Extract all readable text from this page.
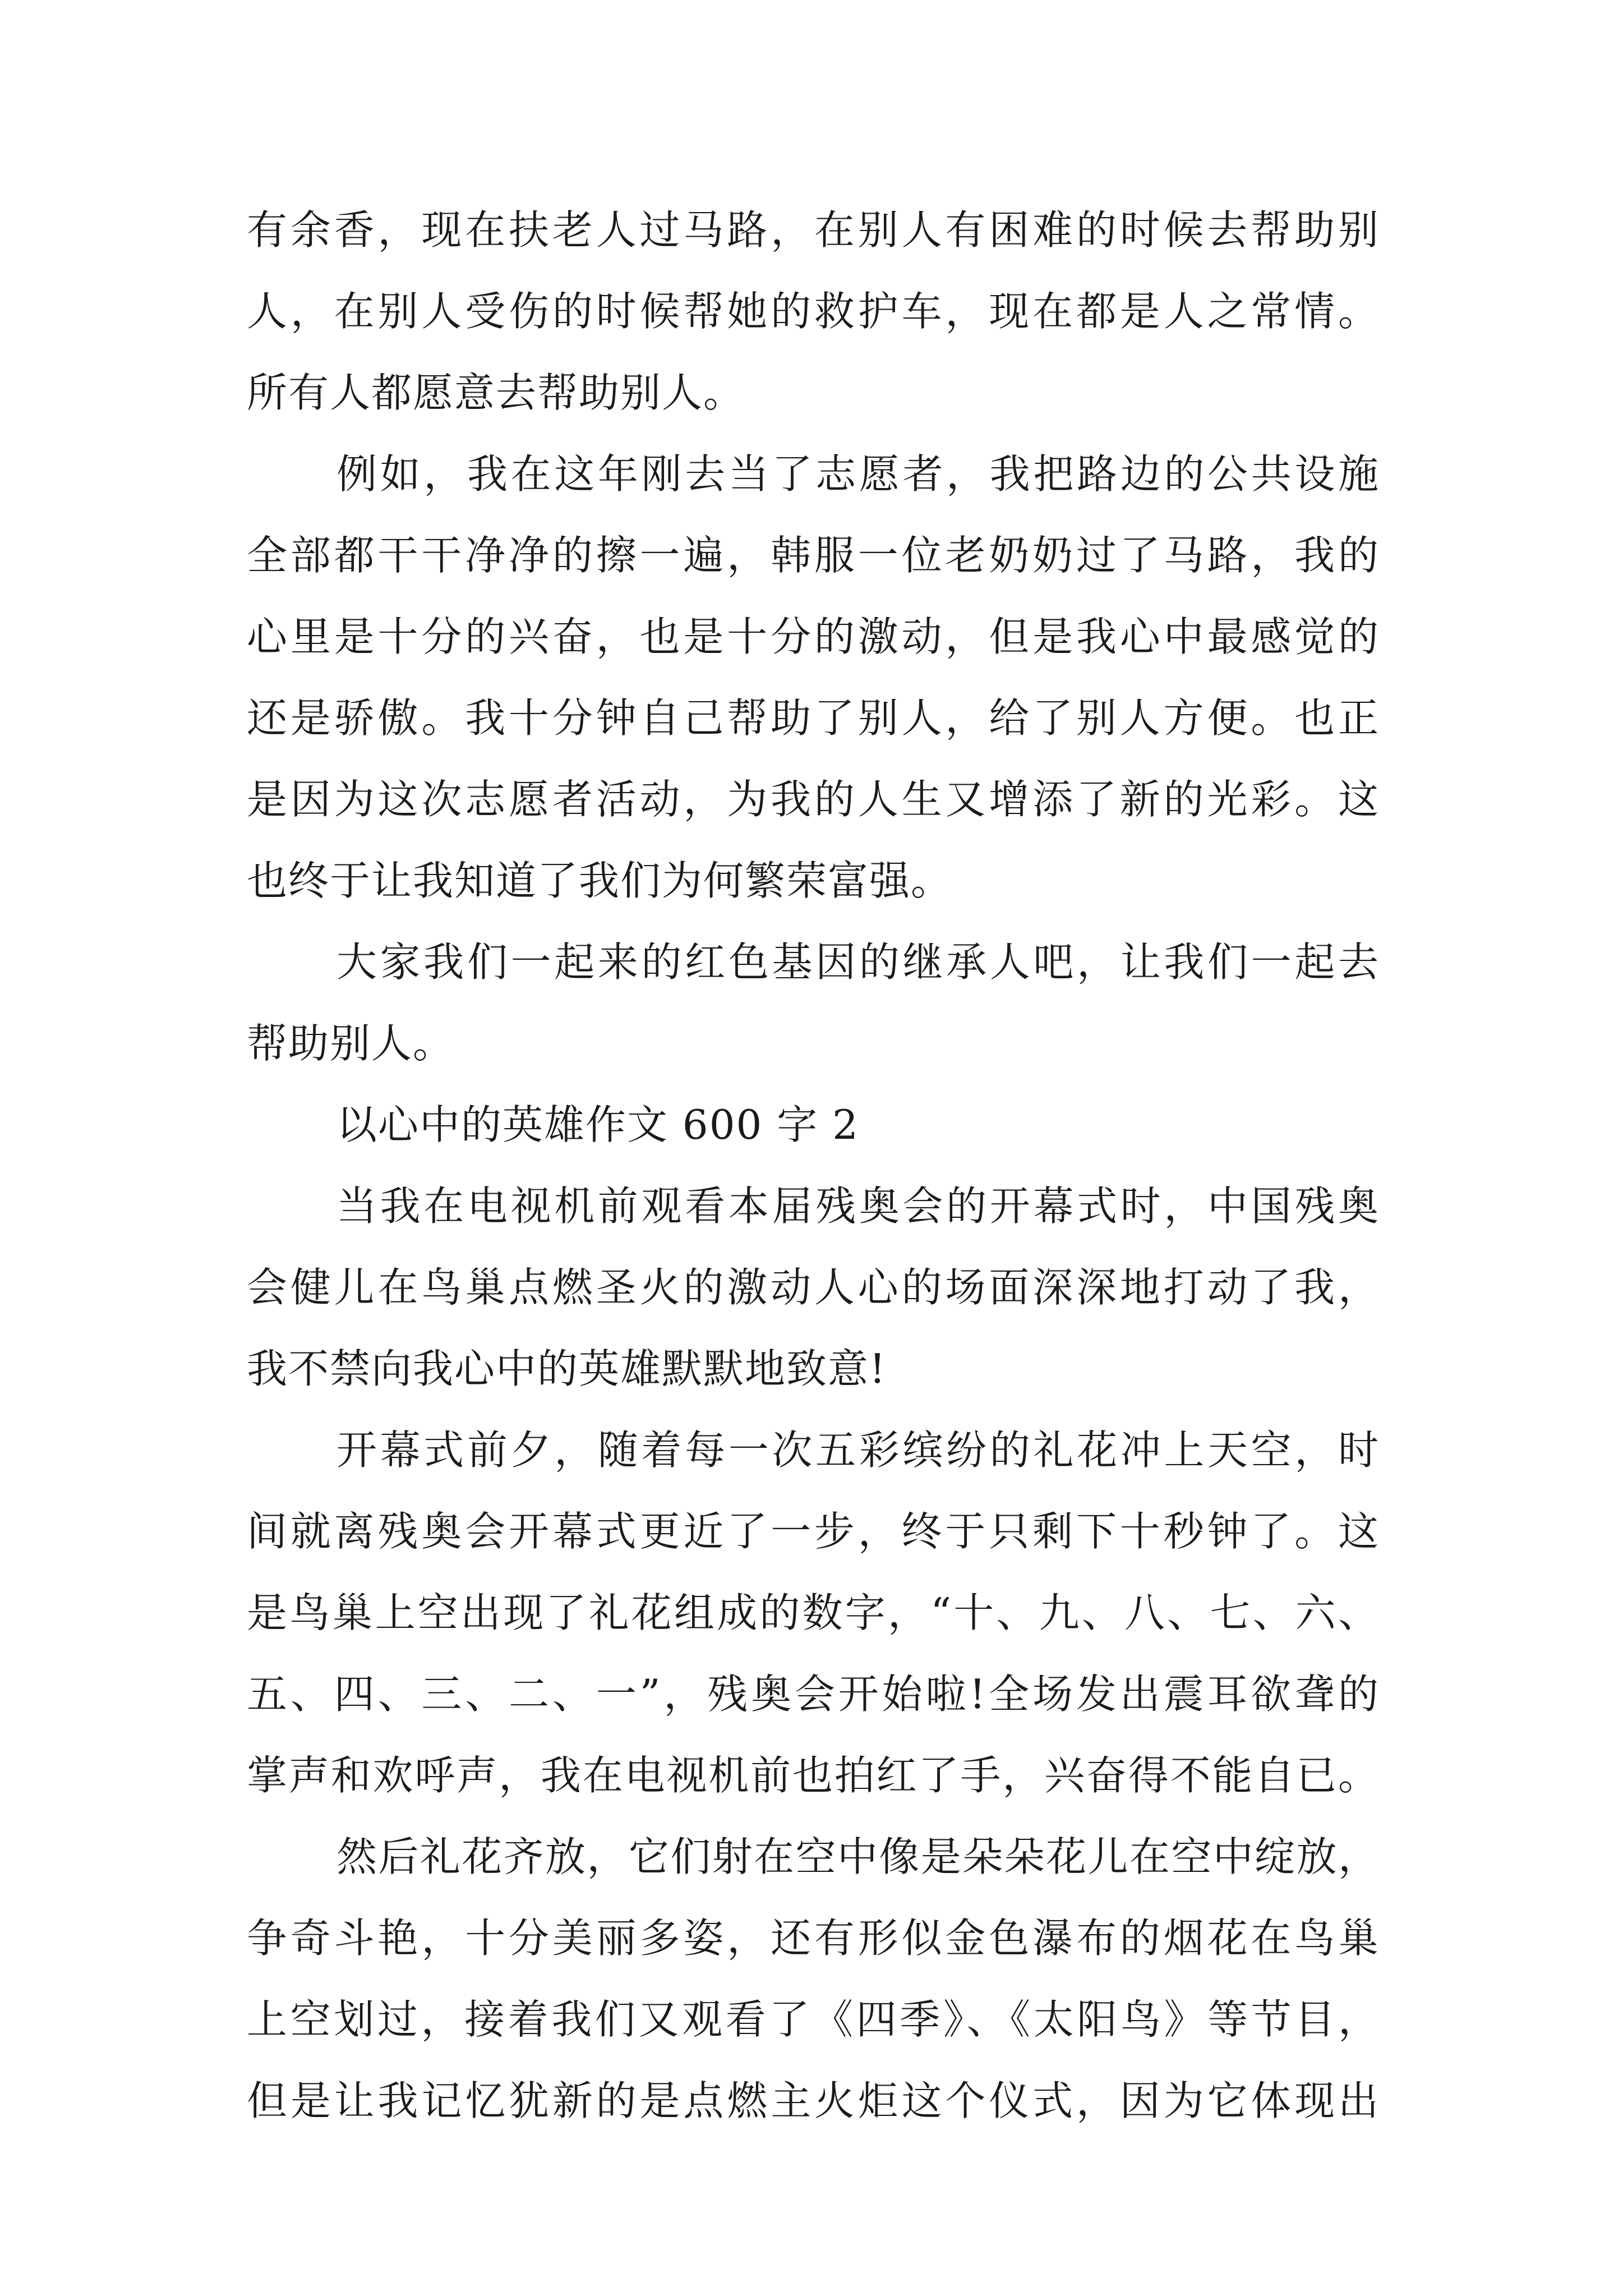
有余香，现在扶老人过马路，在别人有困难的时候去帮助别
人，在别人受伤的时候帮她的救护车，现在都是人之常情。
所有人都愿意去帮助别人。
例如，我在这年刚去当了志愿者，我把路边的公共设施
全部都干干净净的擦一遍，韩服一位老奶奶过了马路，我的
心里是十分的兴奋，也是十分的激动，但是我心中最感觉的
还是骄傲。我十分钟自己帮助了别人，给了别人方便。也正
是因为这次志愿者活动，为我的人生又增添了新的光彩。这
也终于让我知道了我们为何繁荣富强。
大家我们一起来的红色基因的继承人吧，让我们一起去
帮助别人。
以心中的英雄作文 600 字 2
当我在电视机前观看本届残奥会的开幕式时，中国残奥
会健儿在鸟巢点燃圣火的激动人心的场面深深地打动了我，
我不禁向我心中的英雄默默地致意!
开幕式前夕，随着每一次五彩缤纷的礼花冲上天空，时
间就离残奥会开幕式更近了一步，终于只剩下十秒钟了。这
是鸟巢上空出现了礼花组成的数字，“十、九、八、七、六、
五、四、三、二、一”，残奥会开始啦!全场发出震耳欲聋的
掌声和欢呼声，我在电视机前也拍红了手，兴奋得不能自已。
然后礼花齐放，它们射在空中像是朵朵花儿在空中绽放，
争奇斗艳，十分美丽多姿，还有形似金色瀑布的烟花在鸟巢
上空划过，接着我们又观看了《四季》、《太阳鸟》等节目，
但是让我记忆犹新的是点燃主火炬这个仪式，因为它体现出
